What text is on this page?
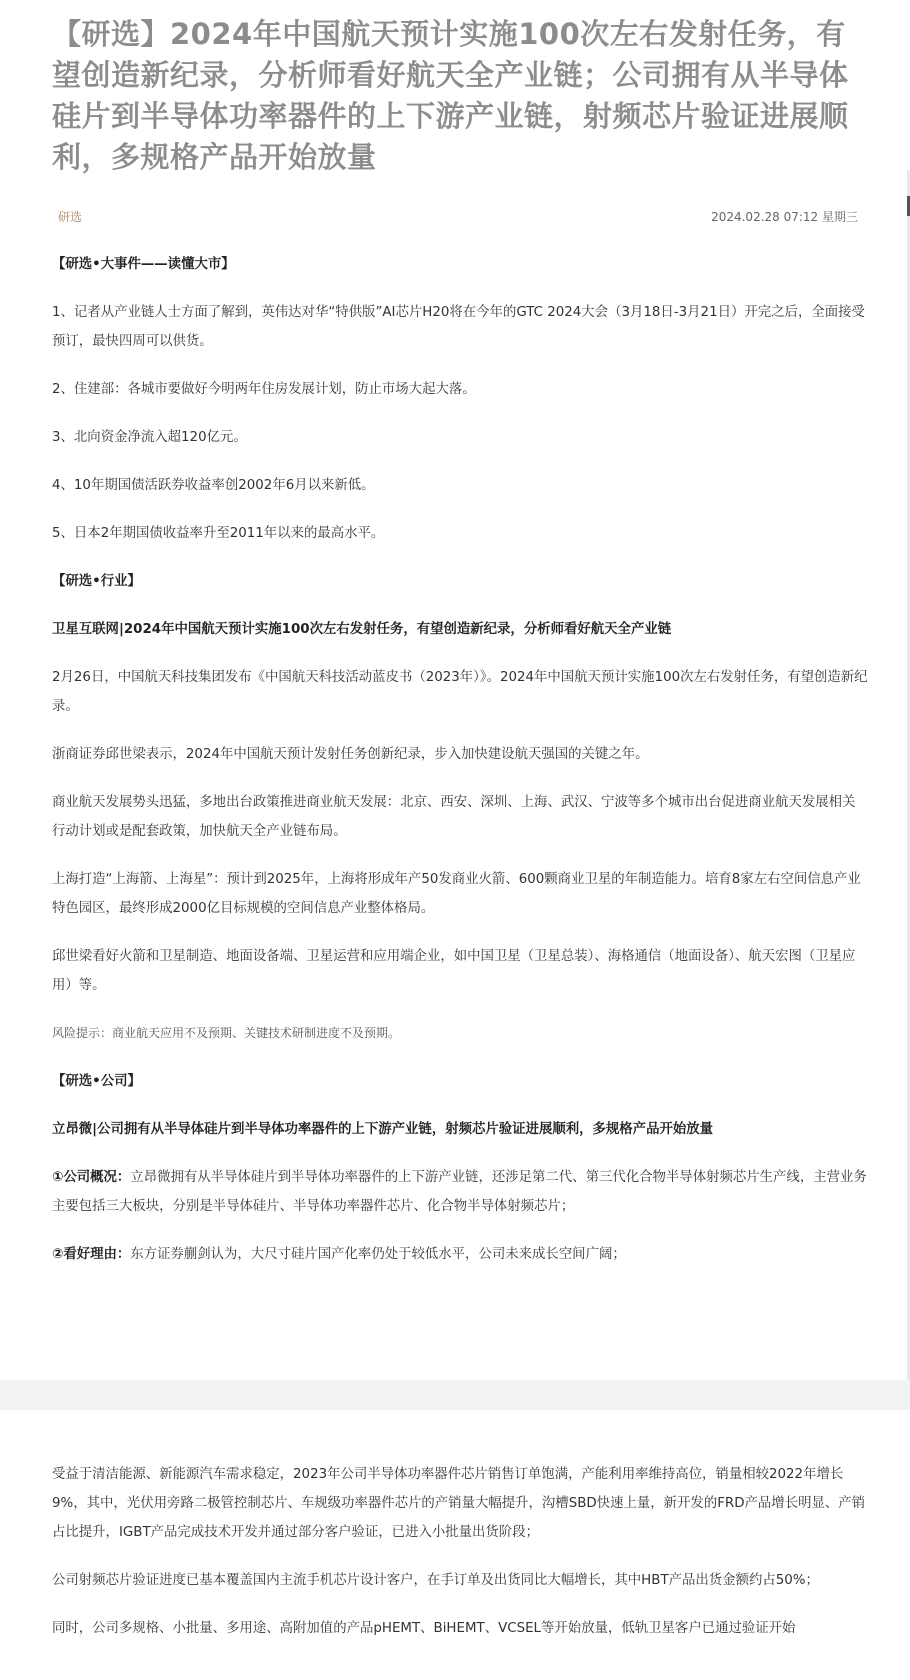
【研选】2024年中国航天预计实施100次左右发射任务，有望创造新纪录，分析师看好航天全产业链；公司拥有从半导体硅片到半导体功率器件的上下游产业链，射频芯片验证进展顺利，多规格产品开始放量
研选	2024.02.28 07:12 星期三

【研选•大事件——读懂大市】

1、记者从产业链人士方面了解到，英伟达对华“特供版”AI芯片H20将在今年的GTC 2024大会（3月18日-3月21日）开完之后，全面接受预订，最快四周可以供货。

2、住建部：各城市要做好今明两年住房发展计划，防止市场大起大落。

3、北向资金净流入超120亿元。

4、10年期国债活跃券收益率创2002年6月以来新低。

5、日本2年期国债收益率升至2011年以来的最高水平。

【研选•行业】

卫星互联网|2024年中国航天预计实施100次左右发射任务，有望创造新纪录，分析师看好航天全产业链

2月26日，中国航天科技集团发布《中国航天科技活动蓝皮书（2023年）》。2024年中国航天预计实施100次左右发射任务，有望创造新纪录。

浙商证券邱世梁表示，2024年中国航天预计发射任务创新纪录，步入加快建设航天强国的关键之年。

商业航天发展势头迅猛，多地出台政策推进商业航天发展：北京、西安、深圳、上海、武汉、宁波等多个城市出台促进商业航天发展相关行动计划或是配套政策，加快航天全产业链布局。

上海打造“上海箭、上海星”：预计到2025年，上海将形成年产50发商业火箭、600颗商业卫星的年制造能力。培育8家左右空间信息产业特色园区，最终形成2000亿目标规模的空间信息产业整体格局。

邱世梁看好火箭和卫星制造、地面设备端、卫星运营和应用端企业，如中国卫星（卫星总装）、海格通信（地面设备）、航天宏图（卫星应用）等。

风险提示：商业航天应用不及预期、关键技术研制进度不及预期。

【研选•公司】

立昂微|公司拥有从半导体硅片到半导体功率器件的上下游产业链，射频芯片验证进展顺利，多规格产品开始放量

①公司概况：立昂微拥有从半导体硅片到半导体功率器件的上下游产业链，还涉足第二代、第三代化合物半导体射频芯片生产线，主营业务主要包括三大板块，分别是半导体硅片、半导体功率器件芯片、化合物半导体射频芯片；

②看好理由：东方证券蒯剑认为，大尺寸硅片国产化率仍处于较低水平，公司未来成长空间广阔；

受益于清洁能源、新能源汽车需求稳定，2023年公司半导体功率器件芯片销售订单饱满，产能利用率维持高位，销量相较2022年增长9%，其中，光伏用旁路二极管控制芯片、车规级功率器件芯片的产销量大幅提升，沟槽SBD快速上量，新开发的FRD产品增长明显、产销占比提升，IGBT产品完成技术开发并通过部分客户验证，已进入小批量出货阶段；

公司射频芯片验证进度已基本覆盖国内主流手机芯片设计客户，在手订单及出货同比大幅增长，其中HBT产品出货金额约占50%；

同时，公司多规格、小批量、多用途、高附加值的产品pHEMT、BiHEMT、VCSEL等开始放量，低轨卫星客户已通过验证开始
